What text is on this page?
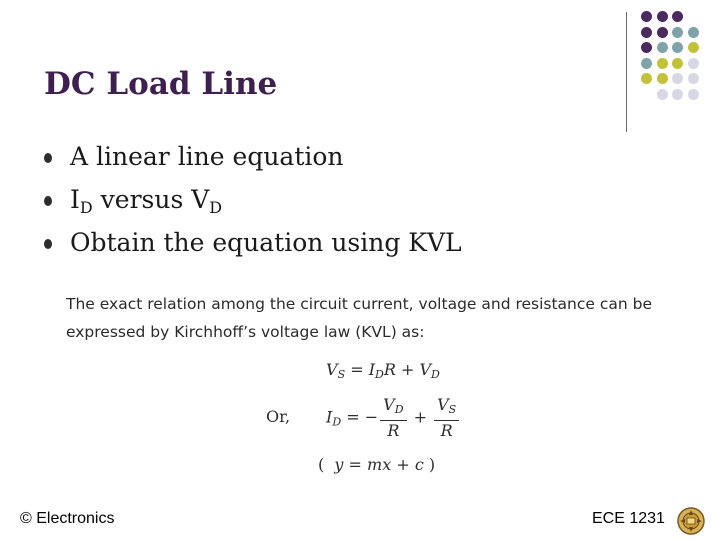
DC Load Line
A linear line equation
$I_D$ versus $V_D$
Obtain the equation using KVL
The exact relation among the circuit current, voltage and resistance can be
expressed by Kirchhoff’s voltage law (KVL) as:
$V_S = I_DR + V_D$
Or, $I_D$ = − $\frac{V_D}{R} + \frac{V_S}{R}$
( y = mx + c )
© Electronics	ECE 1231
